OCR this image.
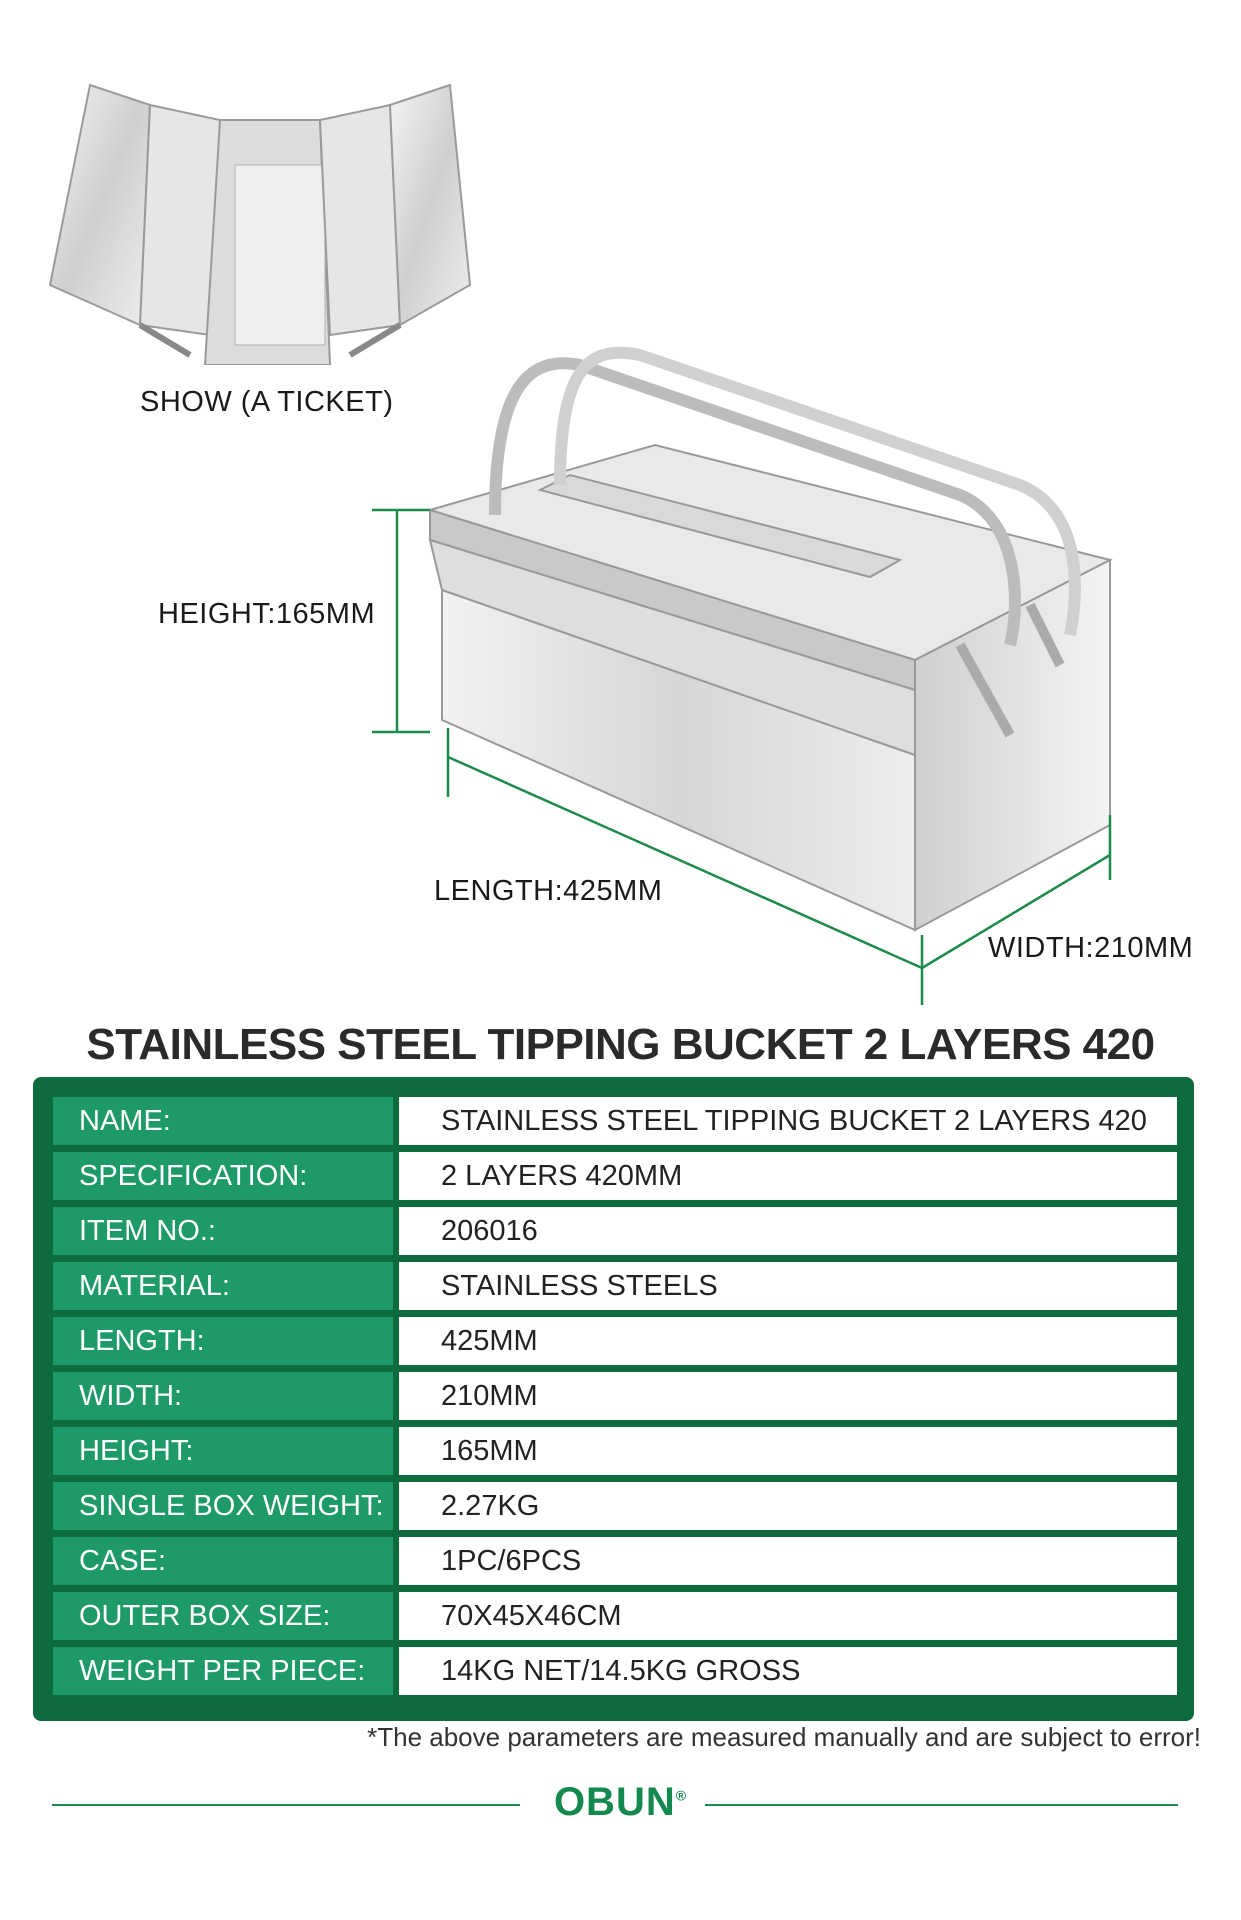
SHOW (A TICKET)
HEIGHT:165MM
LENGTH:425MM
WIDTH:210MM
STAINLESS STEEL TIPPING BUCKET 2 LAYERS 420
NAME:	STAINLESS STEEL TIPPING BUCKET 2 LAYERS 420
SPECIFICATION:	2 LAYERS 420MM
ITEM NO.:	206016
MATERIAL:	STAINLESS STEELS
LENGTH:	425MM
WIDTH:	210MM
HEIGHT:	165MM
SINGLE BOX WEIGHT:	2.27KG
CASE:	1PC/6PCS
OUTER BOX SIZE:	70X45X46CM
WEIGHT PER PIECE:	14KG NET/14.5KG GROSS
*The above parameters are measured manually and are subject to error!
OBUN®
